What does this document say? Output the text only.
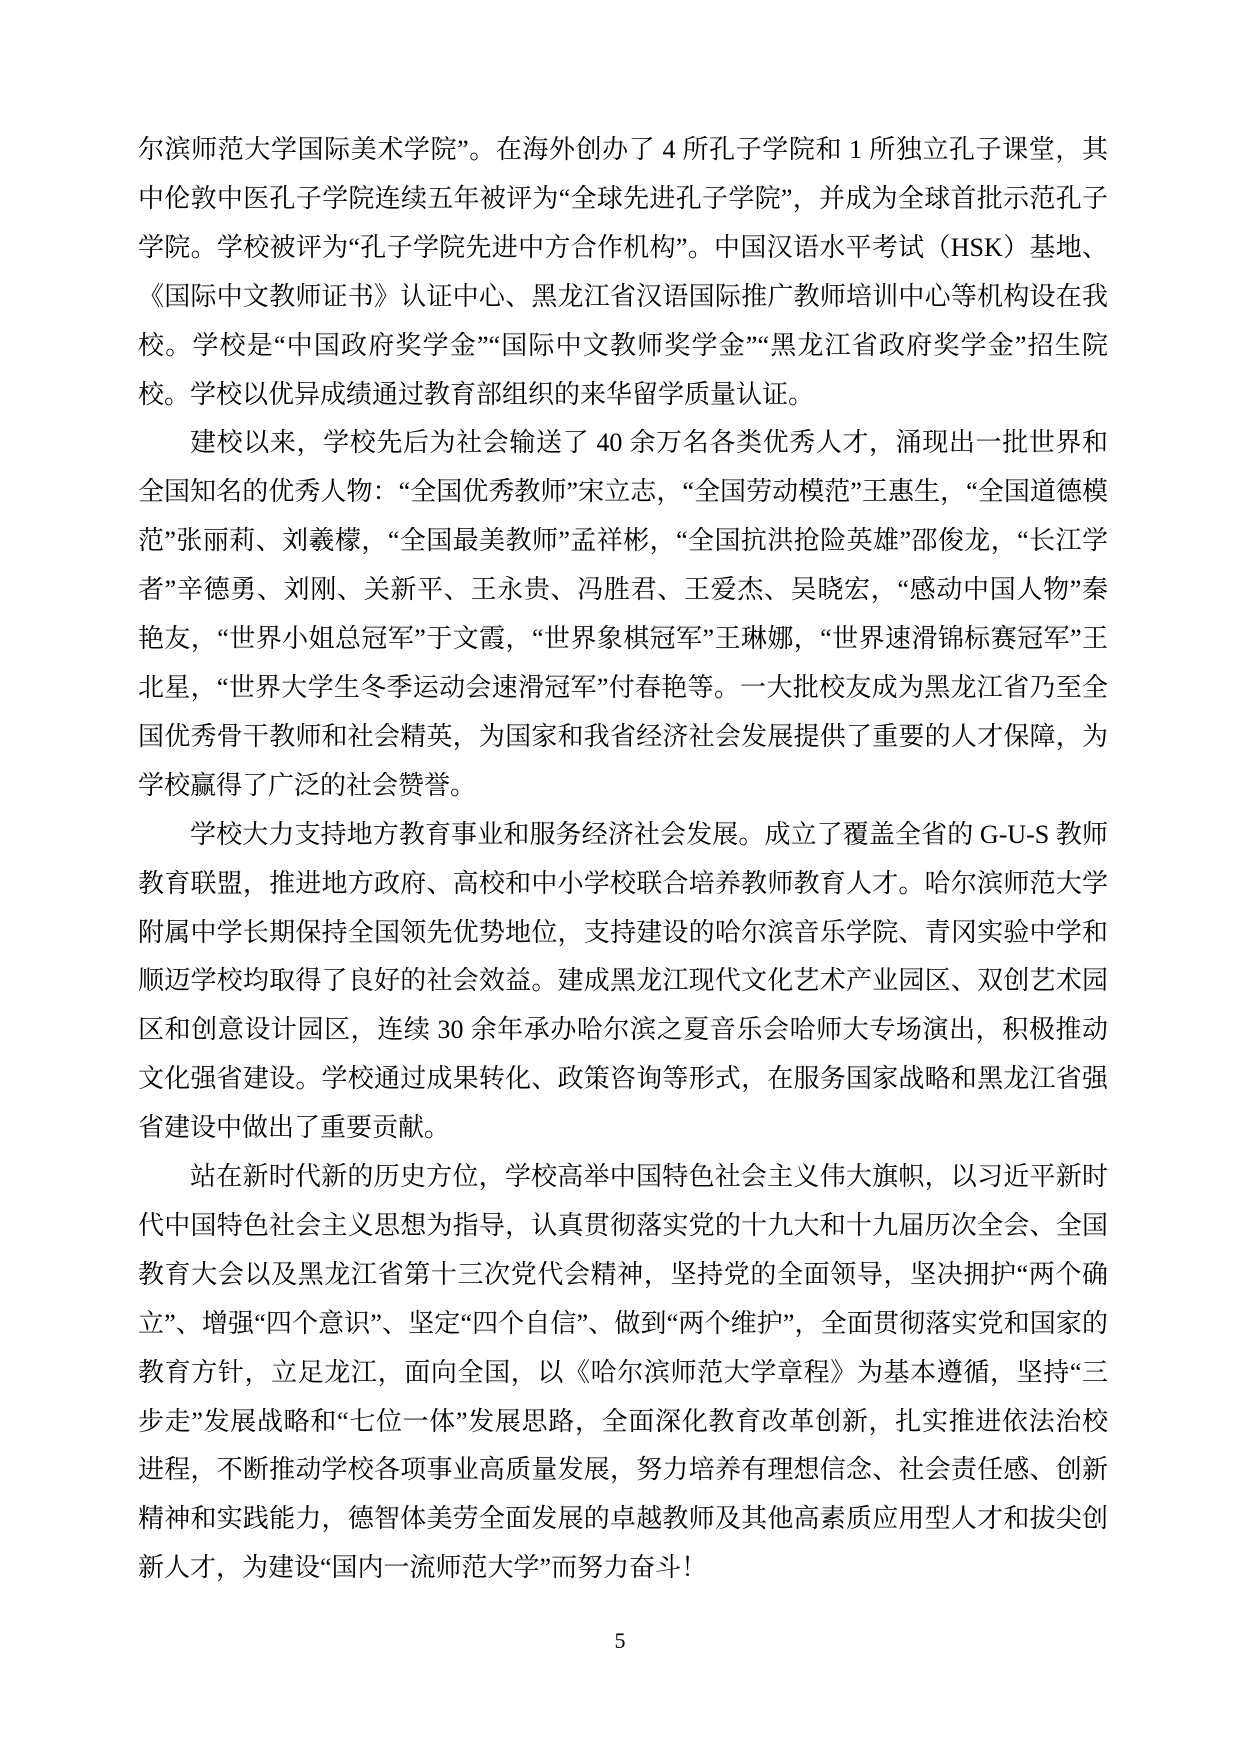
尔滨师范大学国际美术学院”。在海外创办了 4 所孔子学院和 1 所独立孔子课堂，其中伦敦中医孔子学院连续五年被评为“全球先进孔子学院”，并成为全球首批示范孔子学院。学校被评为“孔子学院先进中方合作机构”。中国汉语水平考试（HSK）基地、《国际中文教师证书》认证中心、黑龙江省汉语国际推广教师培训中心等机构设在我校。学校是“中国政府奖学金”“国际中文教师奖学金”“黑龙江省政府奖学金”招生院校。学校以优异成绩通过教育部组织的来华留学质量认证。

建校以来，学校先后为社会输送了 40 余万名各类优秀人才，涌现出一批世界和全国知名的优秀人物：“全国优秀教师”宋立志，“全国劳动模范”王惠生，“全国道德模范”张丽莉、刘羲檬，“全国最美教师”孟祥彬，“全国抗洪抢险英雄”邵俊龙，“长江学者”辛德勇、刘刚、关新平、王永贵、冯胜君、王爱杰、吴晓宏，“感动中国人物”秦艳友，“世界小姐总冠军”于文霞，“世界象棋冠军”王琳娜，“世界速滑锦标赛冠军”王北星，“世界大学生冬季运动会速滑冠军”付春艳等。一大批校友成为黑龙江省乃至全国优秀骨干教师和社会精英，为国家和我省经济社会发展提供了重要的人才保障，为学校赢得了广泛的社会赞誉。

学校大力支持地方教育事业和服务经济社会发展。成立了覆盖全省的 G-U-S 教师教育联盟，推进地方政府、高校和中小学校联合培养教师教育人才。哈尔滨师范大学附属中学长期保持全国领先优势地位，支持建设的哈尔滨音乐学院、青冈实验中学和顺迈学校均取得了良好的社会效益。建成黑龙江现代文化艺术产业园区、双创艺术园区和创意设计园区，连续 30 余年承办哈尔滨之夏音乐会哈师大专场演出，积极推动文化强省建设。学校通过成果转化、政策咨询等形式，在服务国家战略和黑龙江省强省建设中做出了重要贡献。

站在新时代新的历史方位，学校高举中国特色社会主义伟大旗帜，以习近平新时代中国特色社会主义思想为指导，认真贯彻落实党的十九大和十九届历次全会、全国教育大会以及黑龙江省第十三次党代会精神，坚持党的全面领导，坚决拥护“两个确立”、增强“四个意识”、坚定“四个自信”、做到“两个维护”，全面贯彻落实党和国家的教育方针，立足龙江，面向全国，以《哈尔滨师范大学章程》为基本遵循，坚持“三步走”发展战略和“七位一体”发展思路，全面深化教育改革创新，扎实推进依法治校进程，不断推动学校各项事业高质量发展，努力培养有理想信念、社会责任感、创新精神和实践能力，德智体美劳全面发展的卓越教师及其他高素质应用型人才和拔尖创新人才，为建设“国内一流师范大学”而努力奋斗！

5
